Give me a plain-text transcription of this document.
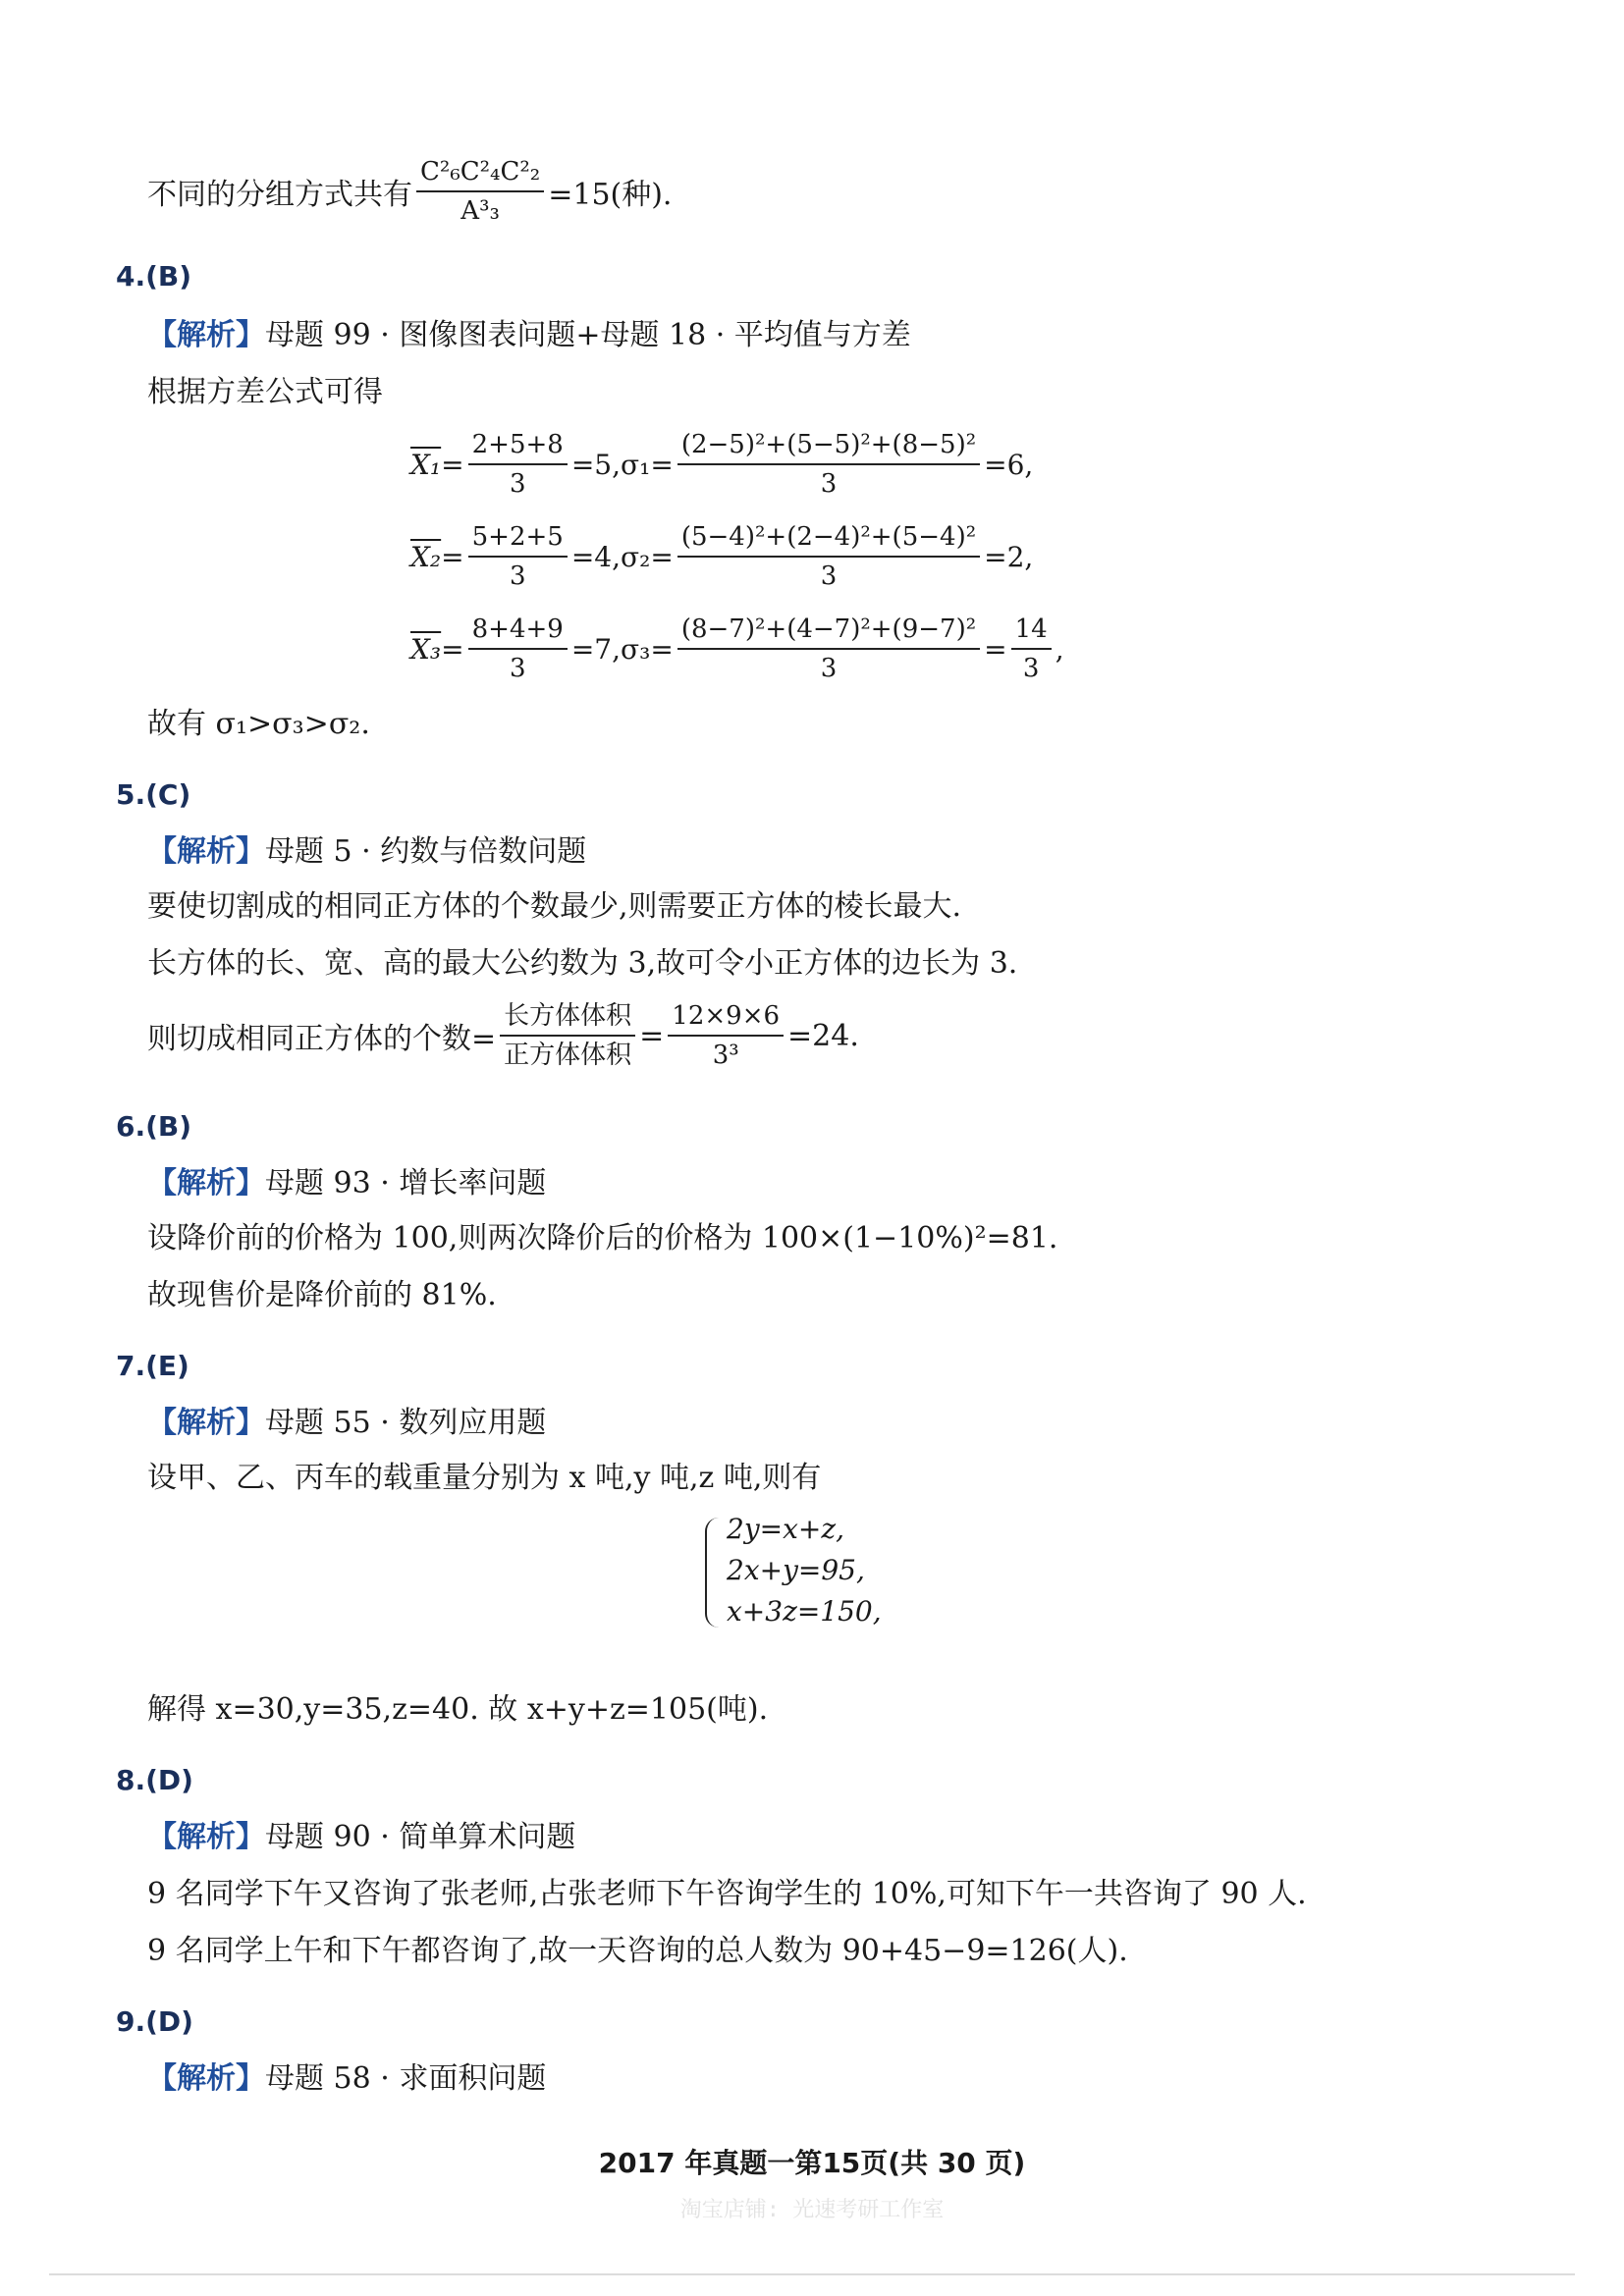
不同的分组方式共有 $\frac{\text{C²₆C²₄C²₂}}{\text{A³₃}} =15$(种).
4.(B)
【解析】母题 99 · 图像图表问题+母题 18 · 平均值与方差
根据方差公式可得
$X_1 = \frac{2+5+8}{3} =5,\sigma_1= \frac{\text{(2−5)²+(5−5)²+(8−5)²}}{3} =6$,
$X_2 = \frac{5+2+5}{3} =4,\sigma_2= \frac{\text{(5−4)²+(2−4)²+(5−4)²}}{3} =2$,
$X_3 = \frac{8+4+9}{3} =7,\sigma_3= \frac{\text{(8−7)²+(4−7)²+(9−7)²}}{3} = \frac{14}{3}$ ,
故有 σ₁>σ₃>σ₂.
5.(C)
【解析】母题 5 · 约数与倍数问题
要使切割成的相同正方体的个数最少,则需要正方体的棱长最大.
长方体的长、宽、高的最大公约数为 3,故可令小正方体的边长为 3.
则切成相同正方体的个数= $\frac{\text{长方体体积}}{\text{正方体体积}} = \frac{12\times 9\times 6}{\text{3³}} =24$.
6.(B)
【解析】母题 93 · 增长率问题
设降价前的价格为 100,则两次降价后的价格为 100×(1−10%)²=81.
故现售价是降价前的 81%.
7.(E)
【解析】母题 55 · 数列应用题
设甲、乙、丙车的载重量分别为 x 吨,y 吨,z 吨,则有
2y=x+z,
2x+y=95,
x+3z=150,
解得 x=30,y=35,z=40. 故 x+y+z=105(吨).
8.(D)
【解析】母题 90 · 简单算术问题
9 名同学下午又咨询了张老师,占张老师下午咨询学生的 10%,可知下午一共咨询了 90 人.
9 名同学上午和下午都咨询了,故一天咨询的总人数为 90+45−9=126(人).
9.(D)
【解析】母题 58 · 求面积问题
2017 年真题一第15页(共 30 页)
淘宝店铺: 光速考研工作室
